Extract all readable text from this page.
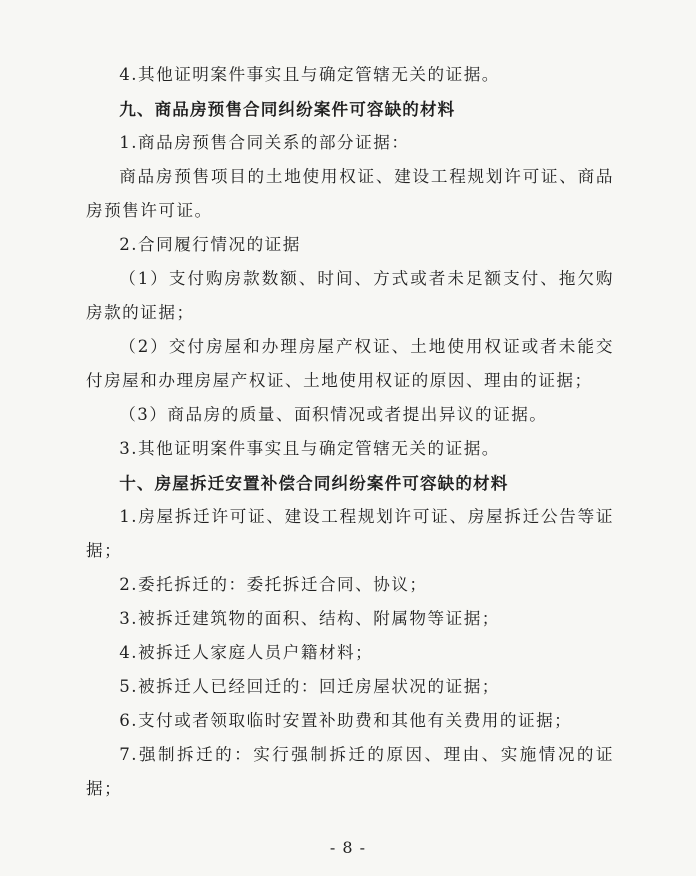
4.其他证明案件事实且与确定管辖无关的证据。

九、商品房预售合同纠纷案件可容缺的材料

1.商品房预售合同关系的部分证据：

商品房预售项目的土地使用权证、建设工程规划许可证、商品房预售许可证。

2.合同履行情况的证据

（1）支付购房款数额、时间、方式或者未足额支付、拖欠购房款的证据；

（2）交付房屋和办理房屋产权证、土地使用权证或者未能交付房屋和办理房屋产权证、土地使用权证的原因、理由的证据；

（3）商品房的质量、面积情况或者提出异议的证据。

3.其他证明案件事实且与确定管辖无关的证据。

十、房屋拆迁安置补偿合同纠纷案件可容缺的材料

1.房屋拆迁许可证、建设工程规划许可证、房屋拆迁公告等证据；

2.委托拆迁的：委托拆迁合同、协议；

3.被拆迁建筑物的面积、结构、附属物等证据；

4.被拆迁人家庭人员户籍材料；

5.被拆迁人已经回迁的：回迁房屋状况的证据；

6.支付或者领取临时安置补助费和其他有关费用的证据；

7.强制拆迁的：实行强制拆迁的原因、理由、实施情况的证据；

- 8 -
